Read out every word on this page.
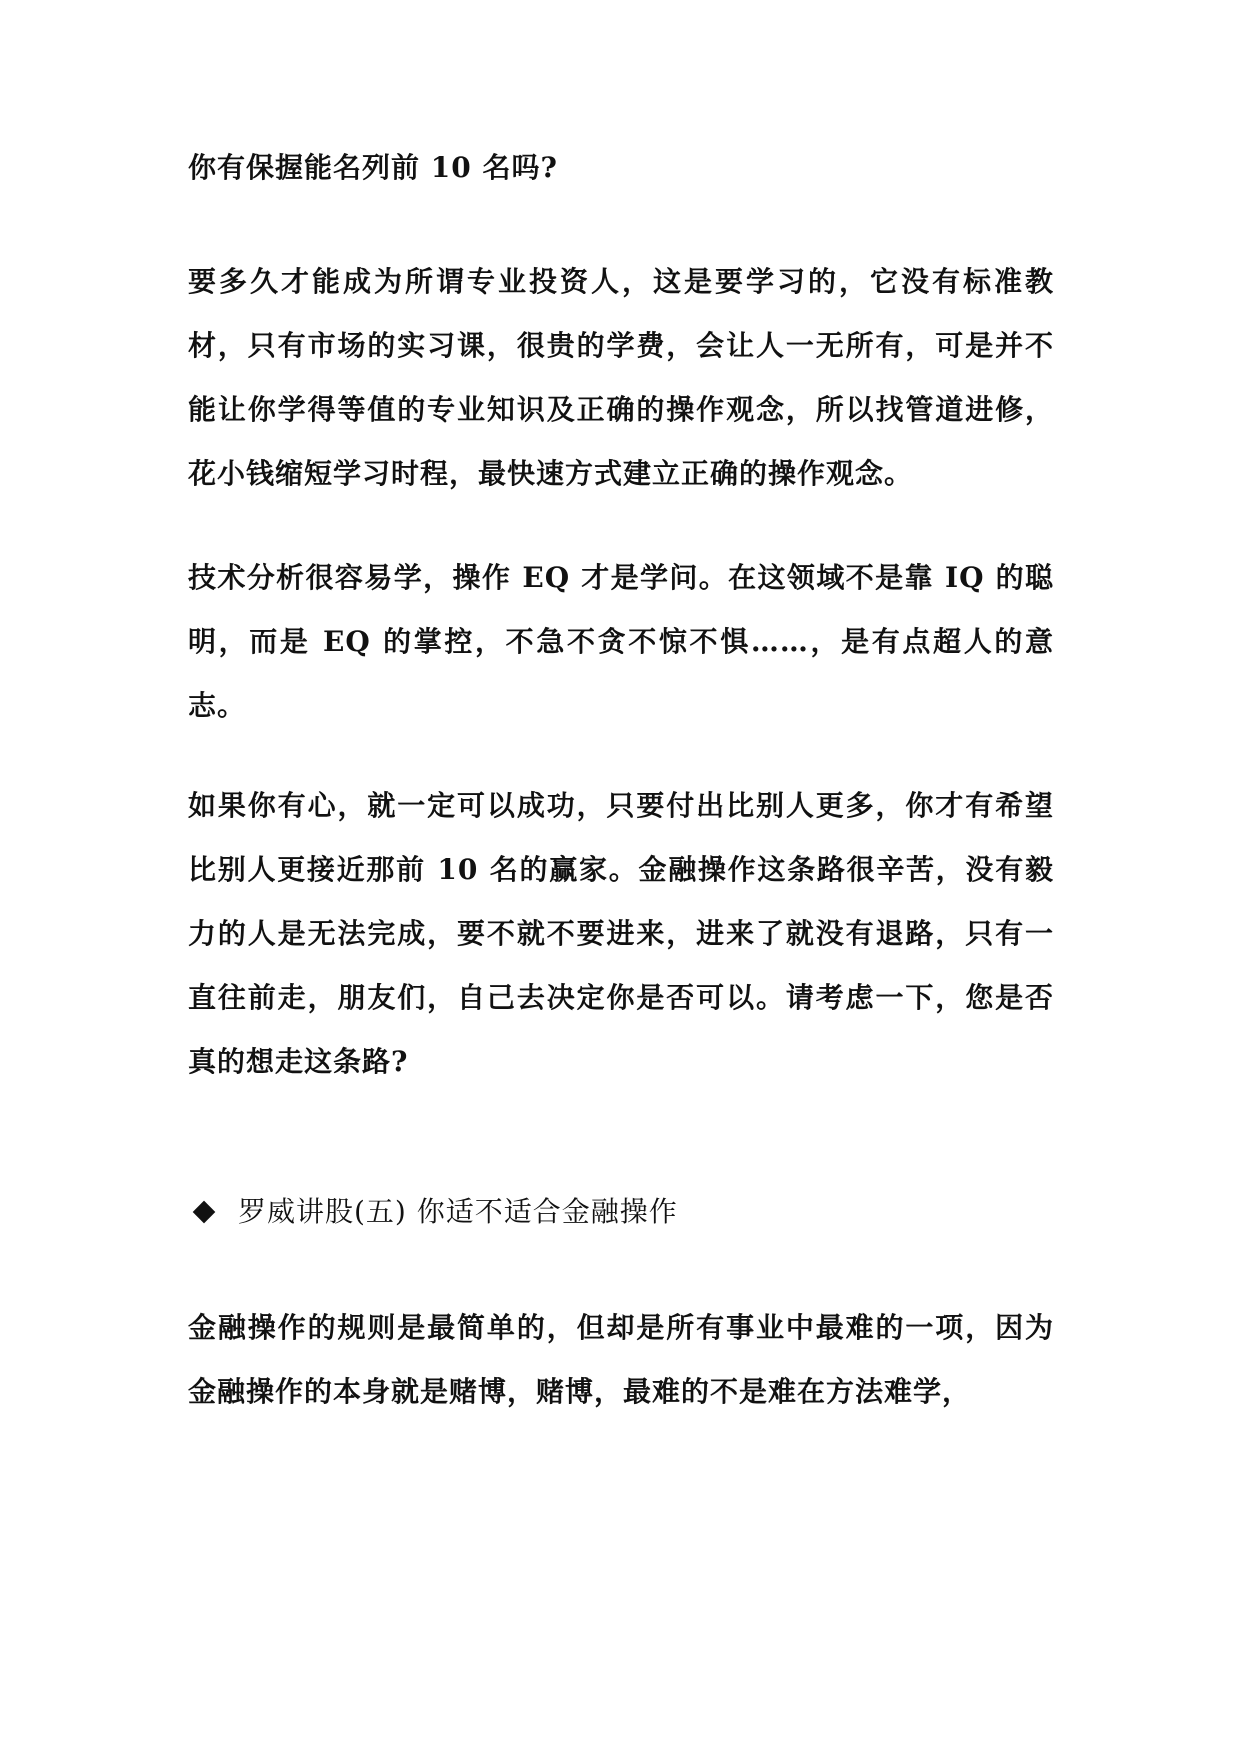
你有保握能名列前 10 名吗?

要多久才能成为所谓专业投资人，这是要学习的，它没有标准教材，只有市场的实习课，很贵的学费，会让人一无所有，可是并不能让你学得等值的专业知识及正确的操作观念，所以找管道进修，花小钱缩短学习时程，最快速方式建立正确的操作观念。

技术分析很容易学，操作 EQ 才是学问。在这领域不是靠 IQ 的聪明，而是 EQ 的掌控，不急不贪不惊不惧……，是有点超人的意志。

如果你有心，就一定可以成功，只要付出比别人更多，你才有希望比别人更接近那前 10 名的赢家。金融操作这条路很辛苦，没有毅力的人是无法完成，要不就不要进来，进来了就没有退路，只有一直往前走，朋友们，自己去决定你是否可以。请考虑一下，您是否真的想走这条路?

罗威讲股(五) 你适不适合金融操作

金融操作的规则是最简单的，但却是所有事业中最难的一项，因为金融操作的本身就是赌博，赌博，最难的不是难在方法难学，
